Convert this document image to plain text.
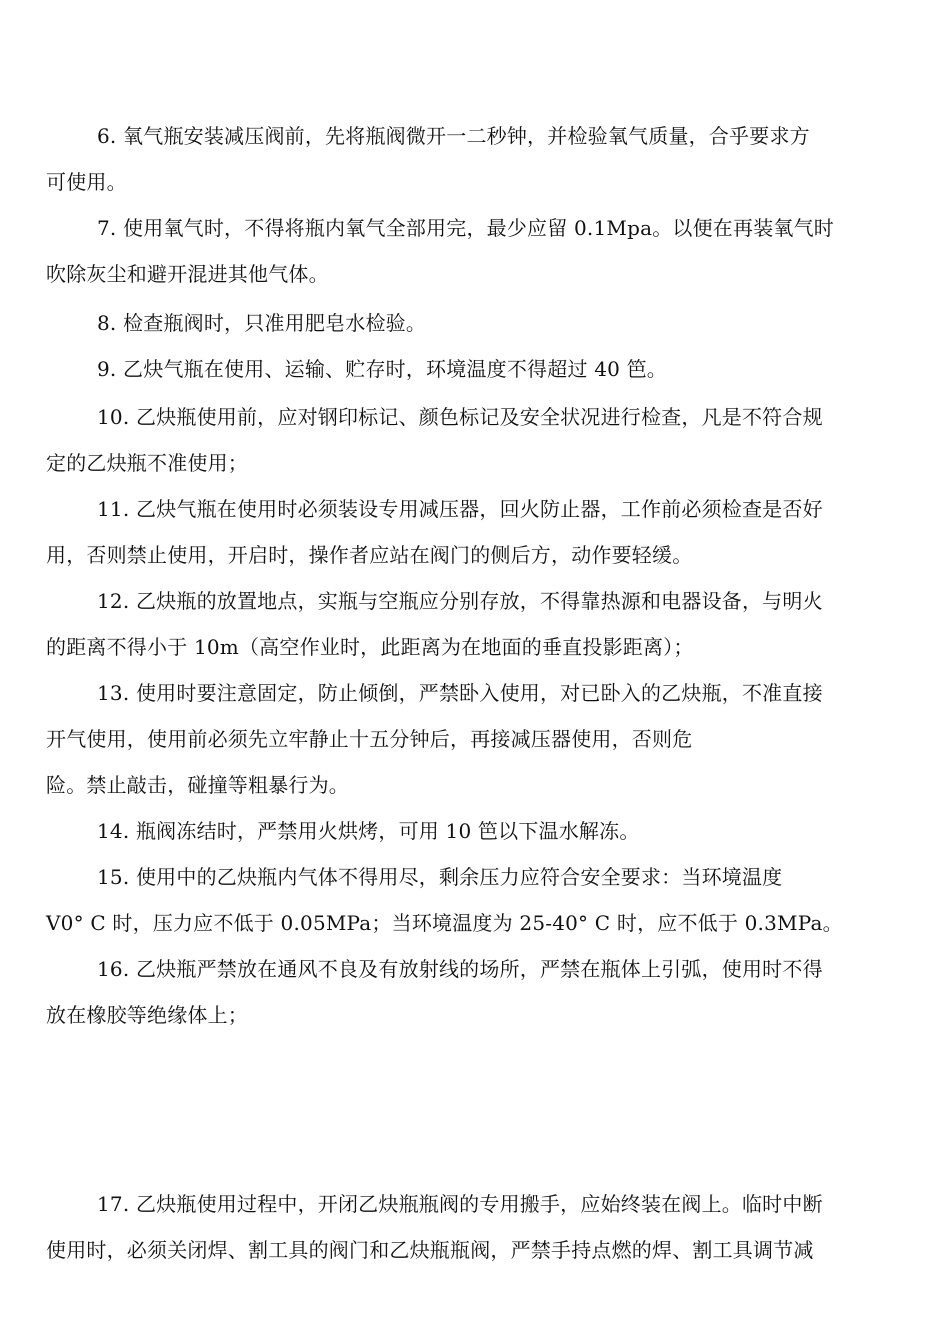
6. 氧气瓶安装减压阀前，先将瓶阀微开一二秒钟，并检验氧气质量，合乎要求方
可使用。
7. 使用氧气时，不得将瓶内氧气全部用完，最少应留 0.1Mpa。以便在再装氧气时
吹除灰尘和避开混进其他气体。
8. 检查瓶阀时，只准用肥皂水检验。
9. 乙炔气瓶在使用、运输、贮存时，环境温度不得超过 40 笆。
10. 乙炔瓶使用前，应对钢印标记、颜色标记及安全状况进行检查，凡是不符合规
定的乙炔瓶不准使用；
11. 乙炔气瓶在使用时必须装设专用减压器，回火防止器，工作前必须检查是否好
用，否则禁止使用，开启时，操作者应站在阀门的侧后方，动作要轻缓。
12. 乙炔瓶的放置地点，实瓶与空瓶应分别存放，不得靠热源和电器设备，与明火
的距离不得小于 10m（高空作业时，此距离为在地面的垂直投影距离）；
13. 使用时要注意固定，防止倾倒，严禁卧入使用，对已卧入的乙炔瓶，不准直接
开气使用，使用前必须先立牢静止十五分钟后，再接减压器使用，否则危
险。禁止敲击，碰撞等粗暴行为。
14. 瓶阀冻结时，严禁用火烘烤，可用 10 笆以下温水解冻。
15. 使用中的乙炔瓶内气体不得用尽，剩余压力应符合安全要求：当环境温度
V0° C 时，压力应不低于 0.05MPa；当环境温度为 25-40° C 时，应不低于 0.3MPa。
16. 乙炔瓶严禁放在通风不良及有放射线的场所，严禁在瓶体上引弧，使用时不得
放在橡胶等绝缘体上；
17. 乙炔瓶使用过程中，开闭乙炔瓶瓶阀的专用搬手，应始终装在阀上。临时中断
使用时，必须关闭焊、割工具的阀门和乙炔瓶瓶阀，严禁手持点燃的焊、割工具调节减
